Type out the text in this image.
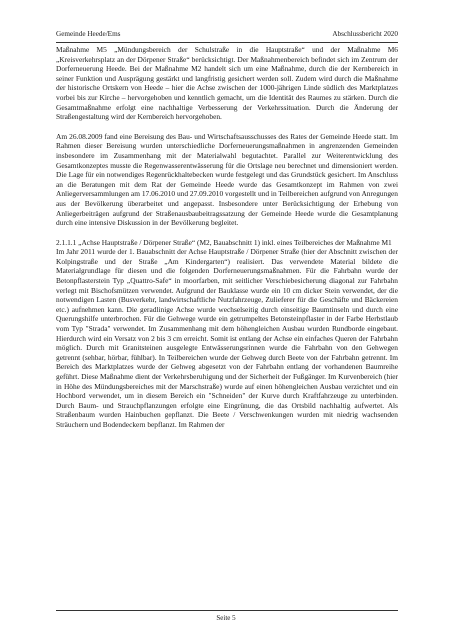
Gemeinde Heede/Ems	Abschlussbericht 2020

Maßnahme M5 „Mündungsbereich der Schulstraße in die Hauptstraße“ und der Maßnahme M6 „Kreisverkehrsplatz an der Dörpener Straße“ berücksichtigt. Der Maßnahmenbereich befindet sich im Zentrum der Dorferneuerung Heede. Bei der Maßnahme M2 handelt sich um eine Maßnahme, durch die der Kernbereich in seiner Funktion und Ausprägung gestärkt und langfristig gesichert werden soll. Zudem wird durch die Maßnahme der historische Ortskern von Heede – hier die Achse zwischen der 1000-jährigen Linde südlich des Marktplatzes vorbei bis zur Kirche – hervorgehoben und kenntlich gemacht, um die Identität des Raumes zu stärken. Durch die Gesamtmaßnahme erfolgt eine nachhaltige Verbesserung der Verkehrssituation. Durch die Änderung der Straßengestaltung wird der Kernbereich hervorgehoben.

Am 26.08.2009 fand eine Bereisung des Bau- und Wirtschaftsausschusses des Rates der Gemeinde Heede statt. Im Rahmen dieser Bereisung wurden unterschiedliche Dorferneuerungsmaßnahmen in angrenzenden Gemeinden insbesondere im Zusammenhang mit der Materialwahl begutachtet. Parallel zur Weiterentwicklung des Gesamtkonzeptes musste die Regenwasserentwässerung für die Ortslage neu berechnet und dimensioniert werden. Die Lage für ein notwendiges Regenrückhaltebecken wurde festgelegt und das Grundstück gesichert. Im Anschluss an die Beratungen mit dem Rat der Gemeinde Heede wurde das Gesamtkonzept im Rahmen von zwei Anliegerversammlungen am 17.06.2010 und 27.09.2010 vorgestellt und in Teilbereichen aufgrund von Anregungen aus der Bevölkerung überarbeitet und angepasst. Insbesondere unter Berücksichtigung der Erhebung von Anliegerbeiträgen aufgrund der Straßenausbaubeitragssatzung der Gemeinde Heede wurde die Gesamtplanung durch eine intensive Diskussion in der Bevölkerung begleitet.

2.1.1.1 „Achse Hauptstraße / Dörpener Straße“ (M2, Bauabschnitt 1) inkl. eines Teilbereiches der Maßnahme M1

Im Jahr 2011 wurde der 1. Bauabschnitt der Achse Hauptstraße / Dörpener Straße (hier der Abschnitt zwischen der Kolpingstraße und der Straße „Am Kindergarten“) realisiert. Das verwendete Material bildete die Materialgrundlage für diesen und die folgenden Dorferneuerungsmaßnahmen. Für die Fahrbahn wurde der Betonpflasterstein Typ „Quattro-Safe“ in moorfarben, mit seitlicher Verschiebesicherung diagonal zur Fahrbahn verlegt mit Bischofsmützen verwendet. Aufgrund der Bauklasse wurde ein 10 cm dicker Stein verwendet, der die notwendigen Lasten (Busverkehr, landwirtschaftliche Nutzfahrzeuge, Zulieferer für die Geschäfte und Bäckereien etc.) aufnehmen kann. Die geradlinige Achse wurde wechselseitig durch einseitige Baumtinseln und durch eine Querungshilfe unterbrochen. Für die Gehwege wurde ein getrumpeltes Betonsteinpflaster in der Farbe Herbstlaub vom Typ "Strada" verwendet. Im Zusammenhang mit dem höhengleichen Ausbau wurden Rundborde eingebaut. Hierdurch wird ein Versatz von 2 bis 3 cm erreicht. Somit ist entlang der Achse ein einfaches Queren der Fahrbahn möglich. Durch mit Granitsteinen ausgelegte Entwässerungsrinnen wurde die Fahrbahn von den Gehwegen getrennt (sehbar, hörbar, fühlbar). In Teilbereichen wurde der Gehweg durch Beete von der Fahrbahn getrennt. Im Bereich des Marktplatzes wurde der Gehweg abgesetzt von der Fahrbahn entlang der vorhandenen Baumreihe geführt. Diese Maßnahme dient der Verkehrsberuhigung und der Sicherheit der Fußgänger. Im Kurvenbereich (hier in Höhe des Mündungsbereiches mit der Marschstraße) wurde auf einen höhengleichen Ausbau verzichtet und ein Hochbord verwendet, um in diesem Bereich ein "Schneiden" der Kurve durch Kraftfahrzeuge zu unterbinden. Durch Baum- und Strauchpflanzungen erfolgte eine Eingrünung, die das Ortsbild nachhaltig aufwertet. Als Straßenbaum wurden Hainbuchen gepflanzt. Die Beete / Verschwenkungen wurden mit niedrig wachsenden Sträuchern und Bodendeckern bepflanzt. Im Rahmen der

Seite 5
